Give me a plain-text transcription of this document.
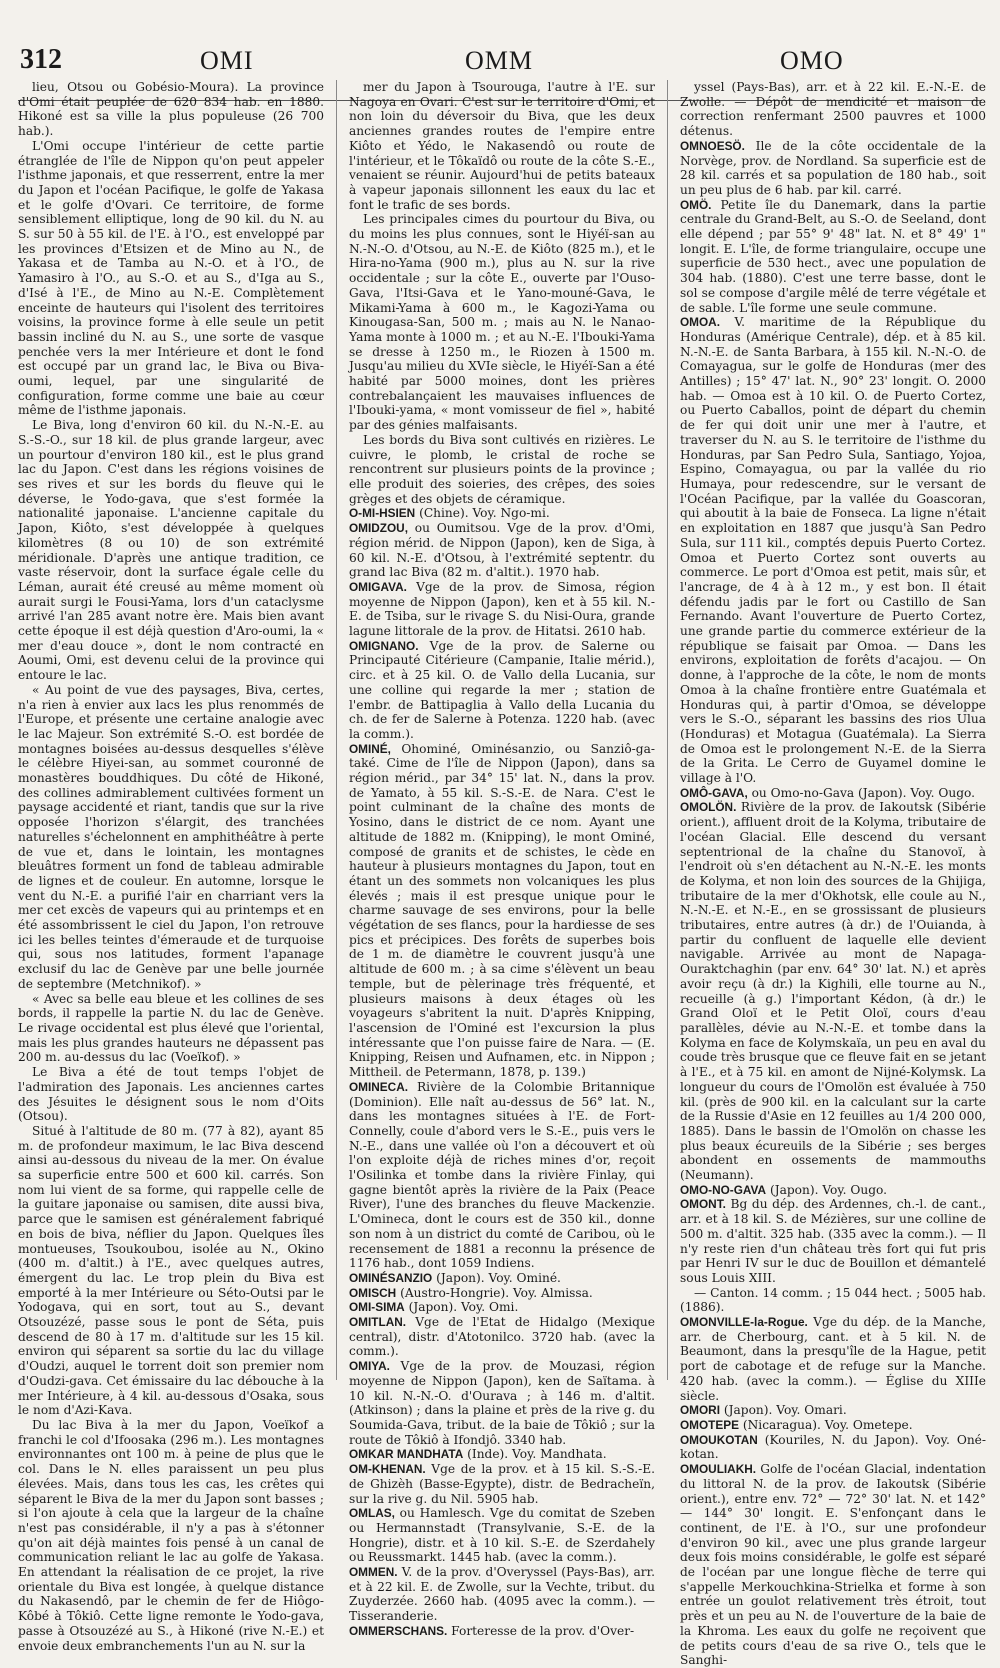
312	OMI	OMM	OMO

lieu, Otsou ou Gobésio-Moura). La province d'Omi était peuplée de 620 834 hab. en 1880. Hikoné est sa ville la plus populeuse (26 700 hab.).

L'Omi occupe l'intérieur de cette partie étranglée de l'île de Nippon qu'on peut appeler l'isthme japonais, et que resserrent, entre la mer du Japon et l'océan Pacifique, le golfe de Yakasa et le golfe d'Ovari. Ce territoire, de forme sensiblement elliptique, long de 90 kil. du N. au S. sur 50 à 55 kil. de l'E. à l'O., est enveloppé par les provinces d'Etsizen et de Mino au N., de Yakasa et de Tamba au N.-O. et à l'O., de Yamasiro à l'O., au S.-O. et au S., d'Iga au S., d'Isé à l'E., de Mino au N.-E. Complètement enceinte de hauteurs qui l'isolent des territoires voisins, la province forme à elle seule un petit bassin incliné du N. au S., une sorte de vasque penchée vers la mer Intérieure et dont le fond est occupé par un grand lac, le Biva ou Biva-oumi, lequel, par une singularité de configuration, forme comme une baie au cœur même de l'isthme japonais.

Le Biva, long d'environ 60 kil. du N.-N.-E. au S.-S.-O., sur 18 kil. de plus grande largeur, avec un pourtour d'environ 180 kil., est le plus grand lac du Japon. C'est dans les régions voisines de ses rives et sur les bords du fleuve qui le déverse, le Yodo-gava, que s'est formée la nationalité japonaise. L'ancienne capitale du Japon, Kiôto, s'est développée à quelques kilomètres (8 ou 10) de son extrémité méridionale. D'après une antique tradition, ce vaste réservoir, dont la surface égale celle du Léman, aurait été creusé au même moment où aurait surgi le Fousi-Yama, lors d'un cataclysme arrivé l'an 285 avant notre ère. Mais bien avant cette époque il est déjà question d'Aro-oumi, la « mer d'eau douce », dont le nom contracté en Aoumi, Omi, est devenu celui de la province qui entoure le lac.

« Au point de vue des paysages, Biva, certes, n'a rien à envier aux lacs les plus renommés de l'Europe, et présente une certaine analogie avec le lac Majeur. Son extrémité S.-O. est bordée de montagnes boisées au-dessus desquelles s'élève le célèbre Hiyei-san, au sommet couronné de monastères bouddhiques. Du côté de Hikoné, des collines admirablement cultivées forment un paysage accidenté et riant, tandis que sur la rive opposée l'horizon s'élargit, des tranchées naturelles s'échelonnent en amphithéâtre à perte de vue et, dans le lointain, les montagnes bleuâtres forment un fond de tableau admirable de lignes et de couleur. En automne, lorsque le vent du N.-E. a purifié l'air en charriant vers la mer cet excès de vapeurs qui au printemps et en été assombrissent le ciel du Japon, l'on retrouve ici les belles teintes d'émeraude et de turquoise qui, sous nos latitudes, forment l'apanage exclusif du lac de Genève par une belle journée de septembre (Metchnikof). »

« Avec sa belle eau bleue et les collines de ses bords, il rappelle la partie N. du lac de Genève. Le rivage occidental est plus élevé que l'oriental, mais les plus grandes hauteurs ne dépassent pas 200 m. au-dessus du lac (Voeïkof). »

Le Biva a été de tout temps l'objet de l'admiration des Japonais. Les anciennes cartes des Jésuites le désignent sous le nom d'Oits (Otsou).

Situé à l'altitude de 80 m. (77 à 82), ayant 85 m. de profondeur maximum, le lac Biva descend ainsi au-dessous du niveau de la mer. On évalue sa superficie entre 500 et 600 kil. carrés. Son nom lui vient de sa forme, qui rappelle celle de la guitare japonaise ou samisen, dite aussi biva, parce que le samisen est généralement fabriqué en bois de biva, néflier du Japon. Quelques îles montueuses, Tsoukoubou, isolée au N., Okino (400 m. d'altit.) à l'E., avec quelques autres, émergent du lac. Le trop plein du Biva est emporté à la mer Intérieure ou Séto-Outsi par le Yodogava, qui en sort, tout au S., devant Otsouzézé, passe sous le pont de Séta, puis descend de 80 à 17 m. d'altitude sur les 15 kil. environ qui séparent sa sortie du lac du village d'Oudzi, auquel le torrent doit son premier nom d'Oudzi-gava. Cet émissaire du lac débouche à la mer Intérieure, à 4 kil. au-dessous d'Osaka, sous le nom d'Azi-Kava.

Du lac Biva à la mer du Japon, Voeïkof a franchi le col d'Ifoosaka (296 m.). Les montagnes environnantes ont 100 m. à peine de plus que le col. Dans le N. elles paraissent un peu plus élevées. Mais, dans tous les cas, les crêtes qui séparent le Biva de la mer du Japon sont basses ; si l'on ajoute à cela que la largeur de la chaîne n'est pas considérable, il n'y a pas à s'étonner qu'on ait déjà maintes fois pensé à un canal de communication reliant le lac au golfe de Yakasa. En attendant la réalisation de ce projet, la rive orientale du Biva est longée, à quelque distance du Nakasendô, par le chemin de fer de Hiôgo-Kôbé à Tôkiô. Cette ligne remonte le Yodo-gava, passe à Otsouzézé au S., à Hikoné (rive N.-E.) et envoie deux embranchements l'un au N. sur la

mer du Japon à Tsourouga, l'autre à l'E. sur Nagoya en Ovari. C'est sur le territoire d'Omi, et non loin du déversoir du Biva, que les deux anciennes grandes routes de l'empire entre Kiôto et Yédo, le Nakasendô ou route de l'intérieur, et le Tôkaïdô ou route de la côte S.-E., venaient se réunir. Aujourd'hui de petits bateaux à vapeur japonais sillonnent les eaux du lac et font le trafic de ses bords.

Les principales cimes du pourtour du Biva, ou du moins les plus connues, sont le Hiyéï-san au N.-N.-O. d'Otsou, au N.-E. de Kiôto (825 m.), et le Hira-no-Yama (900 m.), plus au N. sur la rive occidentale ; sur la côte E., ouverte par l'Ouso-Gava, l'Itsi-Gava et le Yano-mouné-Gava, le Mikami-Yama à 600 m., le Kagozi-Yama ou Kinougasa-San, 500 m. ; mais au N. le Nanao-Yama monte à 1000 m. ; et au N.-E. l'Ibouki-Yama se dresse à 1250 m., le Riozen à 1500 m. Jusqu'au milieu du XVIe siècle, le Hiyéï-San a été habité par 5000 moines, dont les prières contrebalançaient les mauvaises influences de l'Ibouki-yama, « mont vomisseur de fiel », habité par des génies malfaisants.

Les bords du Biva sont cultivés en rizières. Le cuivre, le plomb, le cristal de roche se rencontrent sur plusieurs points de la province ; elle produit des soieries, des crêpes, des soies grèges et des objets de céramique.

O-MI-HSIEN (Chine). Voy. Ngo-mi.

OMIDZOU, ou Oumitsou. Vge de la prov. d'Omi, région mérid. de Nippon (Japon), ken de Siga, à 60 kil. N.-E. d'Otsou, à l'extrémité septentr. du grand lac Biva (82 m. d'altit.). 1970 hab.

OMIGAVA. Vge de la prov. de Simosa, région moyenne de Nippon (Japon), ken et à 55 kil. N.-E. de Tsiba, sur le rivage S. du Nisi-Oura, grande lagune littorale de la prov. de Hitatsi. 2610 hab.

OMIGNANO. Vge de la prov. de Salerne ou Principauté Citérieure (Campanie, Italie mérid.), circ. et à 25 kil. O. de Vallo della Lucania, sur une colline qui regarde la mer ; station de l'embr. de Battipaglia à Vallo della Lucania du ch. de fer de Salerne à Potenza. 1220 hab. (avec la comm.).

OMINÉ, Ohominé, Ominésanzio, ou Sanziô-ga-také. Cime de l'île de Nippon (Japon), dans sa région mérid., par 34° 15' lat. N., dans la prov. de Yamato, à 55 kil. S.-S.-E. de Nara. C'est le point culminant de la chaîne des monts de Yosino, dans le district de ce nom. Ayant une altitude de 1882 m. (Knipping), le mont Ominé, composé de granits et de schistes, le cède en hauteur à plusieurs montagnes du Japon, tout en étant un des sommets non volcaniques les plus élevés ; mais il est presque unique pour le charme sauvage de ses environs, pour la belle végétation de ses flancs, pour la hardiesse de ses pics et précipices. Des forêts de superbes bois de 1 m. de diamètre le couvrent jusqu'à une altitude de 600 m. ; à sa cime s'élèvent un beau temple, but de pèlerinage très fréquenté, et plusieurs maisons à deux étages où les voyageurs s'abritent la nuit. D'après Knipping, l'ascension de l'Ominé est l'excursion la plus intéressante que l'on puisse faire de Nara. — (E. Knipping, Reisen und Aufnamen, etc. in Nippon ; Mittheil. de Petermann, 1878, p. 139.)

OMINECA. Rivière de la Colombie Britannique (Dominion). Elle naît au-dessus de 56° lat. N., dans les montagnes situées à l'E. de Fort-Connelly, coule d'abord vers le S.-E., puis vers le N.-E., dans une vallée où l'on a découvert et où l'on exploite déjà de riches mines d'or, reçoit l'Osilinka et tombe dans la rivière Finlay, qui gagne bientôt après la rivière de la Paix (Peace River), l'une des branches du fleuve Mackenzie. L'Omineca, dont le cours est de 350 kil., donne son nom à un district du comté de Caribou, où le recensement de 1881 a reconnu la présence de 1176 hab., dont 1059 Indiens.

OMINÉSANZIO (Japon). Voy. Ominé.

OMISCH (Austro-Hongrie). Voy. Almissa.

OMI-SIMA (Japon). Voy. Omi.

OMITLAN. Vge de l'Etat de Hidalgo (Mexique central), distr. d'Atotonilco. 3720 hab. (avec la comm.).

OMIYA. Vge de la prov. de Mouzasi, région moyenne de Nippon (Japon), ken de Saïtama. à 10 kil. N.-N.-O. d'Ourava ; à 146 m. d'altit. (Atkinson) ; dans la plaine et près de la rive g. du Soumida-Gava, tribut. de la baie de Tôkiô ; sur la route de Tôkiô à Ifondjô. 3340 hab.

OMKAR MANDHATA (Inde). Voy. Mandhata.

OM-KHENAN. Vge de la prov. et à 15 kil. S.-S.-E. de Ghizèh (Basse-Egypte), distr. de Bedracheïn, sur la rive g. du Nil. 5905 hab.

OMLAS, ou Hamlesch. Vge du comitat de Szeben ou Hermannstadt (Transylvanie, S.-E. de la Hongrie), distr. et à 10 kil. S.-E. de Szerdahely ou Reussmarkt. 1445 hab. (avec la comm.).

OMMEN. V. de la prov. d'Overyssel (Pays-Bas), arr. et à 22 kil. E. de Zwolle, sur la Vechte, tribut. du Zuyderzée. 2660 hab. (4095 avec la comm.). — Tisseranderie.

OMMERSCHANS. Forteresse de la prov. d'Over-

yssel (Pays-Bas), arr. et à 22 kil. E.-N.-E. de Zwolle. — Dépôt de mendicité et maison de correction renfermant 2500 pauvres et 1000 détenus.

OMNOESÖ. Ile de la côte occidentale de la Norvège, prov. de Nordland. Sa superficie est de 28 kil. carrés et sa population de 180 hab., soit un peu plus de 6 hab. par kil. carré.

OMÖ. Petite île du Danemark, dans la partie centrale du Grand-Belt, au S.-O. de Seeland, dont elle dépend ; par 55° 9' 48" lat. N. et 8° 49' 1" longit. E. L'île, de forme triangulaire, occupe une superficie de 530 hect., avec une population de 304 hab. (1880). C'est une terre basse, dont le sol se compose d'argile mêlé de terre végétale et de sable. L'île forme une seule commune.

OMOA. V. maritime de la République du Honduras (Amérique Centrale), dép. et à 85 kil. N.-N.-E. de Santa Barbara, à 155 kil. N.-N.-O. de Comayagua, sur le golfe de Honduras (mer des Antilles) ; 15° 47' lat. N., 90° 23' longit. O. 2000 hab. — Omoa est à 10 kil. O. de Puerto Cortez, ou Puerto Caballos, point de départ du chemin de fer qui doit unir une mer à l'autre, et traverser du N. au S. le territoire de l'isthme du Honduras, par San Pedro Sula, Santiago, Yojoa, Espino, Comayagua, ou par la vallée du rio Humaya, pour redescendre, sur le versant de l'Océan Pacifique, par la vallée du Goascoran, qui aboutit à la baie de Fonseca. La ligne n'était en exploitation en 1887 que jusqu'à San Pedro Sula, sur 111 kil., comptés depuis Puerto Cortez. Omoa et Puerto Cortez sont ouverts au commerce. Le port d'Omoa est petit, mais sûr, et l'ancrage, de 4 à à 12 m., y est bon. Il était défendu jadis par le fort ou Castillo de San Fernando. Avant l'ouverture de Puerto Cortez, une grande partie du commerce extérieur de la république se faisait par Omoa. — Dans les environs, exploitation de forêts d'acajou. — On donne, à l'approche de la côte, le nom de monts Omoa à la chaîne frontière entre Guatémala et Honduras qui, à partir d'Omoa, se développe vers le S.-O., séparant les bassins des rios Ulua (Honduras) et Motagua (Guatémala). La Sierra de Omoa est le prolongement N.-E. de la Sierra de la Grita. Le Cerro de Guyamel domine le village à l'O.

OMÔ-GAVA, ou Omo-no-Gava (Japon). Voy. Ougo.

OMOLÖN. Rivière de la prov. de Iakoutsk (Sibérie orient.), affluent droit de la Kolyma, tributaire de l'océan Glacial. Elle descend du versant septentrional de la chaîne du Stanovoï, à l'endroit où s'en détachent au N.-N.-E. les monts de Kolyma, et non loin des sources de la Ghijiga, tributaire de la mer d'Okhotsk, elle coule au N., N.-N.-E. et N.-E., en se grossissant de plusieurs tributaires, entre autres (à dr.) de l'Ouianda, à partir du confluent de laquelle elle devient navigable. Arrivée au mont de Napaga-Ouraktchaghin (par env. 64° 30' lat. N.) et après avoir reçu (à dr.) la Kighili, elle tourne au N., recueille (à g.) l'important Kédon, (à dr.) le Grand Oloï et le Petit Oloï, cours d'eau parallèles, dévie au N.-N.-E. et tombe dans la Kolyma en face de Kolymskaïa, un peu en aval du coude très brusque que ce fleuve fait en se jetant à l'E., et à 75 kil. en amont de Nijné-Kolymsk. La longueur du cours de l'Omolön est évaluée à 750 kil. (près de 900 kil. en la calculant sur la carte de la Russie d'Asie en 12 feuilles au 1/4 200 000, 1885). Dans le bassin de l'Omolön on chasse les plus beaux écureuils de la Sibérie ; ses berges abondent en ossements de mammouths (Neumann).

OMO-NO-GAVA (Japon). Voy. Ougo.

OMONT. Bg du dép. des Ardennes, ch.-l. de cant., arr. et à 18 kil. S. de Mézières, sur une colline de 500 m. d'altit. 325 hab. (335 avec la comm.). — Il n'y reste rien d'un château très fort qui fut pris par Henri IV sur le duc de Bouillon et démantelé sous Louis XIII.

— Canton. 14 comm. ; 15 044 hect. ; 5005 hab. (1886).

OMONVILLE-la-Rogue. Vge du dép. de la Manche, arr. de Cherbourg, cant. et à 5 kil. N. de Beaumont, dans la presqu'île de la Hague, petit port de cabotage et de refuge sur la Manche. 420 hab. (avec la comm.). — Église du XIIIe siècle.

OMORI (Japon). Voy. Omari.

OMOTEPE (Nicaragua). Voy. Ometepe.

OMOUKOTAN (Kouriles, N. du Japon). Voy. Oné-kotan.

OMOULIAKH. Golfe de l'océan Glacial, indentation du littoral N. de la prov. de Iakoutsk (Sibérie orient.), entre env. 72° — 72° 30' lat. N. et 142° — 144° 30' longit. E. S'enfonçant dans le continent, de l'E. à l'O., sur une profondeur d'environ 90 kil., avec une plus grande largeur deux fois moins considérable, le golfe est séparé de l'océan par une longue flèche de terre qui s'appelle Merkouchkina-Strielka et forme à son entrée un goulot relativement très étroit, tout près et un peu au N. de l'ouverture de la baie de la Khroma. Les eaux du golfe ne reçoivent que de petits cours d'eau de sa rive O., tels que le Sanghi-
